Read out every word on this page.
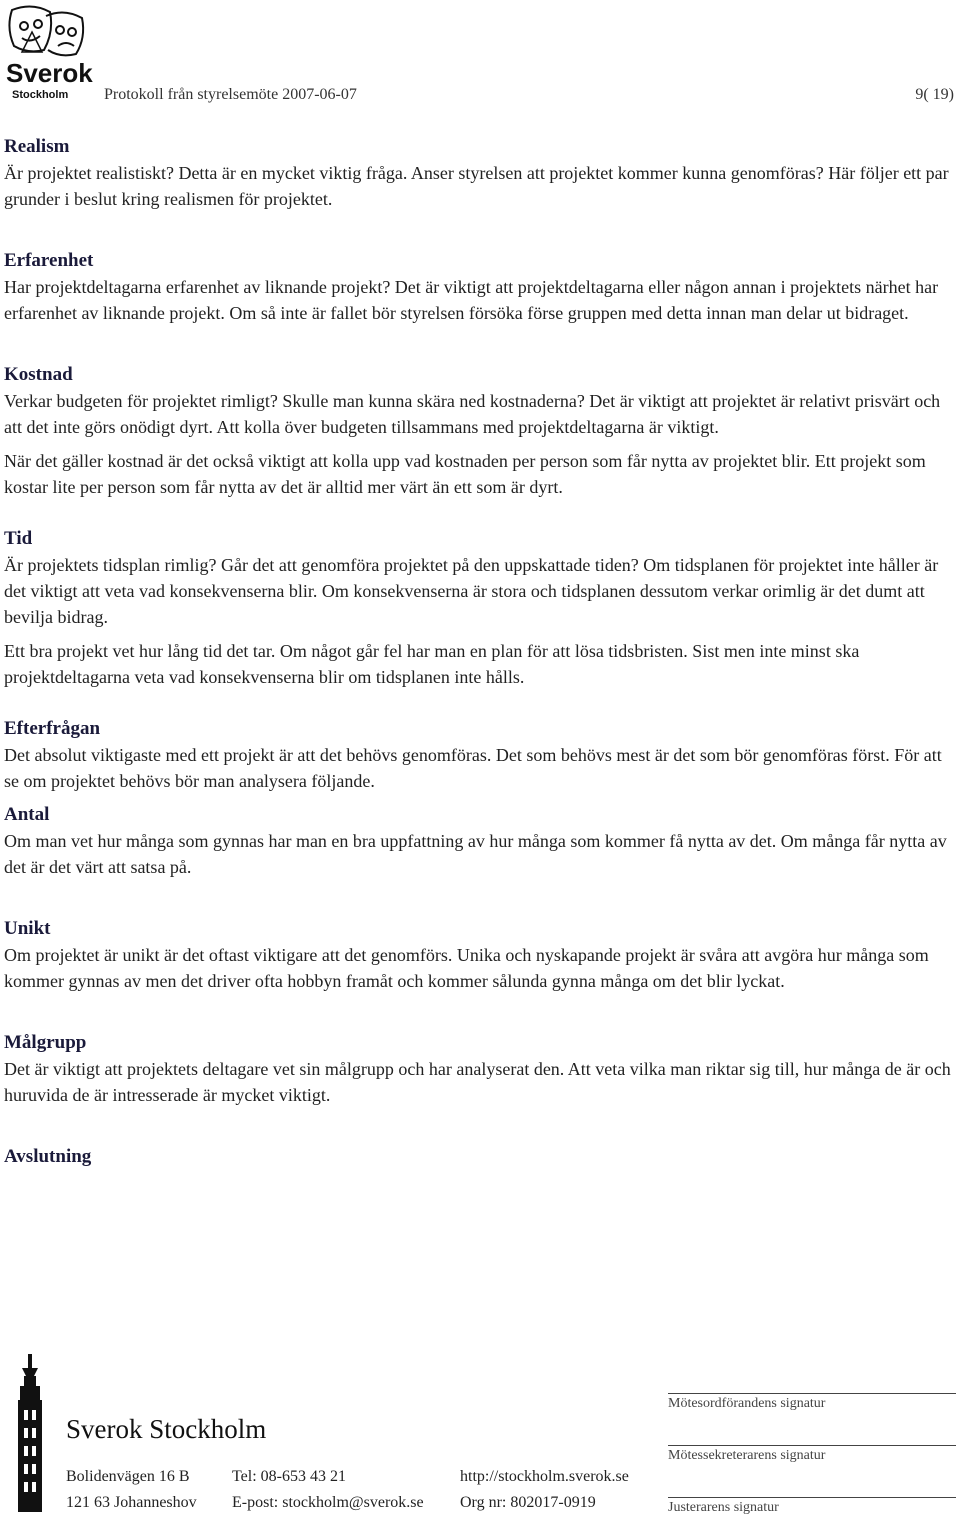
Sverok
Stockholm Protokoll från styrelsemöte 2007-06-07	9( 19)
Realism

Är projektet realistiskt? Detta är en mycket viktig fråga. Anser styrelsen att projektet kommer kunna genomföras? Här följer ett par grunder i beslut kring realismen för projektet.

Erfarenhet

Har projektdeltagarna erfarenhet av liknande projekt? Det är viktigt att projektdeltagarna eller någon annan i projektets närhet har erfarenhet av liknande projekt. Om så inte är fallet bör styrelsen försöka förse gruppen med detta innan man delar ut bidraget.

Kostnad

Verkar budgeten för projektet rimligt? Skulle man kunna skära ned kostnaderna? Det är viktigt att projektet är relativt prisvärt och att det inte görs onödigt dyrt. Att kolla över budgeten tillsammans med projektdeltagarna är viktigt.

När det gäller kostnad är det också viktigt att kolla upp vad kostnaden per person som får nytta av projektet blir. Ett projekt som kostar lite per person som får nytta av det är alltid mer värt än ett som är dyrt.

Tid

Är projektets tidsplan rimlig? Går det att genomföra projektet på den uppskattade tiden? Om tidsplanen för projektet inte håller är det viktigt att veta vad konsekvenserna blir. Om konsekvenserna är stora och tidsplanen dessutom verkar orimlig är det dumt att bevilja bidrag.

Ett bra projekt vet hur lång tid det tar. Om något går fel har man en plan för att lösa tidsbristen. Sist men inte minst ska projektdeltagarna veta vad konsekvenserna blir om tidsplanen inte hålls.

Efterfrågan

Det absolut viktigaste med ett projekt är att det behövs genomföras. Det som behövs mest är det som bör genomföras först. För att se om projektet behövs bör man analysera följande.

Antal

Om man vet hur många som gynnas har man en bra uppfattning av hur många som kommer få nytta av det. Om många får nytta av det är det värt att satsa på.

Unikt

Om projektet är unikt är det oftast viktigare att det genomförs. Unika och nyskapande projekt är svåra att avgöra hur många som kommer gynnas av men det driver ofta hobbyn framåt och kommer sålunda gynna många om det blir lyckat.

Målgrupp

Det är viktigt att projektets deltagare vet sin målgrupp och har analyserat den. Att veta vilka man riktar sig till, hur många de är och huruvida de är intresserade är mycket viktigt.

Avslutning
Sverok Stockholm
Bolidenvägen 16 B
121 63 Johanneshov
Tel: 08-653 43 21
E-post: stockholm@sverok.se
http://stockholm.sverok.se
Org nr: 802017-0919
Mötesordförandens signatur
Mötessekreterarens signatur
Justerarens signatur
